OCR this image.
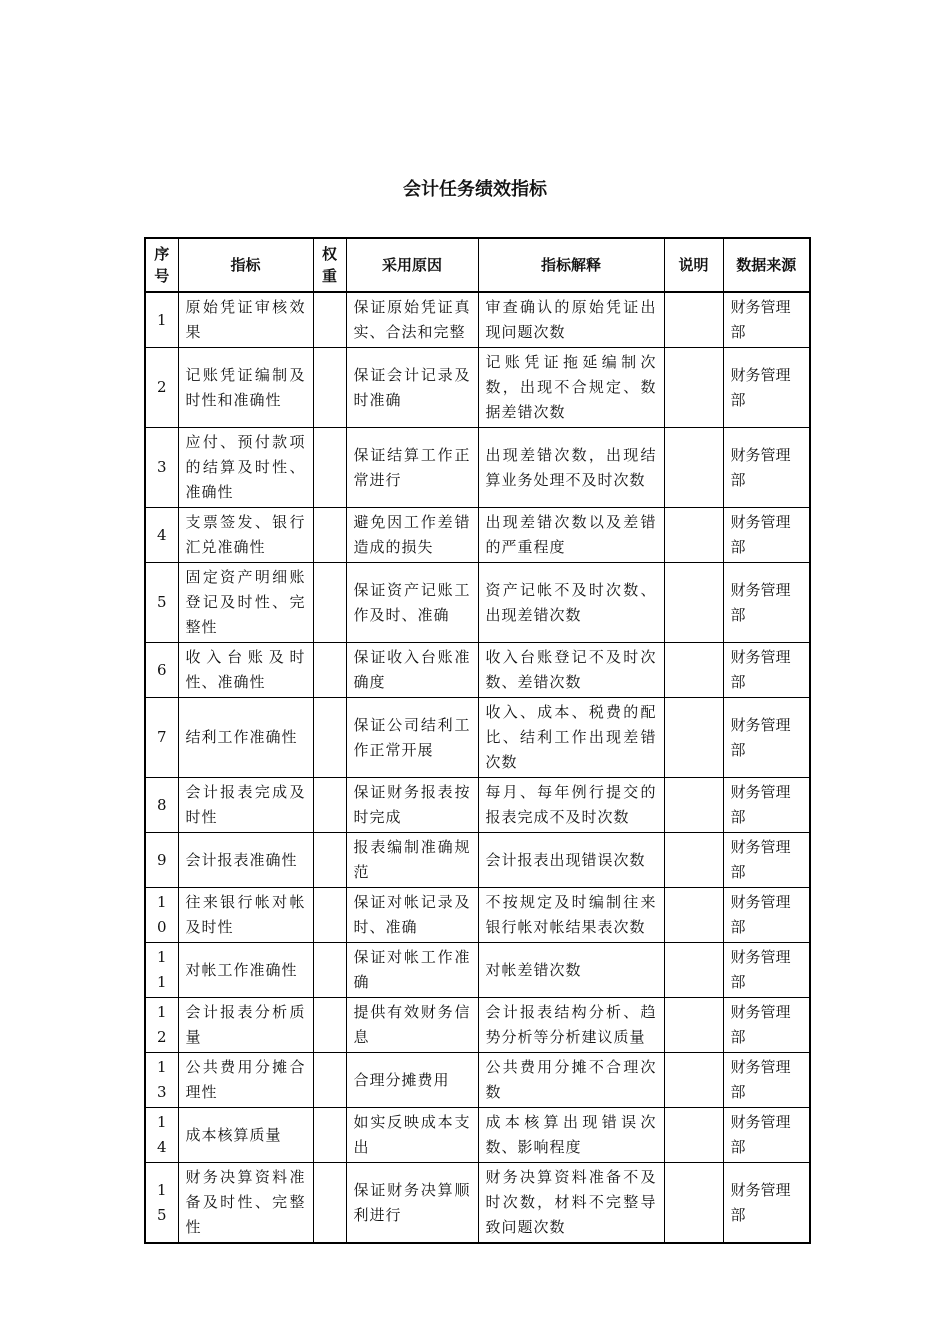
会计任务绩效指标
序号	指标	权重	采用原因	指标解释	说明	数据来源
1	原始凭证审核效果		保证原始凭证真实、合法和完整	审查确认的原始凭证出现问题次数		财务管理部
2	记账凭证编制及时性和准确性		保证会计记录及时准确	记账凭证拖延编制次数，出现不合规定、数据差错次数		财务管理部
3	应付、预付款项的结算及时性、准确性		保证结算工作正常进行	出现差错次数，出现结算业务处理不及时次数		财务管理部
4	支票签发、银行汇兑准确性		避免因工作差错造成的损失	出现差错次数以及差错的严重程度		财务管理部
5	固定资产明细账登记及时性、完整性		保证资产记账工作及时、准确	资产记帐不及时次数、出现差错次数		财务管理部
6	收入台账及时性、准确性		保证收入台账准确度	收入台账登记不及时次数、差错次数		财务管理部
7	结利工作准确性		保证公司结利工作正常开展	收入、成本、税费的配比、结利工作出现差错次数		财务管理部
8	会计报表完成及时性		保证财务报表按时完成	每月、每年例行提交的报表完成不及时次数		财务管理部
9	会计报表准确性		报表编制准确规范	会计报表出现错误次数		财务管理部
10	往来银行帐对帐及时性		保证对帐记录及时、准确	不按规定及时编制往来银行帐对帐结果表次数		财务管理部
11	对帐工作准确性		保证对帐工作准确	对帐差错次数		财务管理部
12	会计报表分析质量		提供有效财务信息	会计报表结构分析、趋势分析等分析建议质量		财务管理部
13	公共费用分摊合理性		合理分摊费用	公共费用分摊不合理次数		财务管理部
14	成本核算质量		如实反映成本支出	成本核算出现错误次数、影响程度		财务管理部
15	财务决算资料准备及时性、完整性		保证财务决算顺利进行	财务决算资料准备不及时次数，材料不完整导致问题次数		财务管理部
